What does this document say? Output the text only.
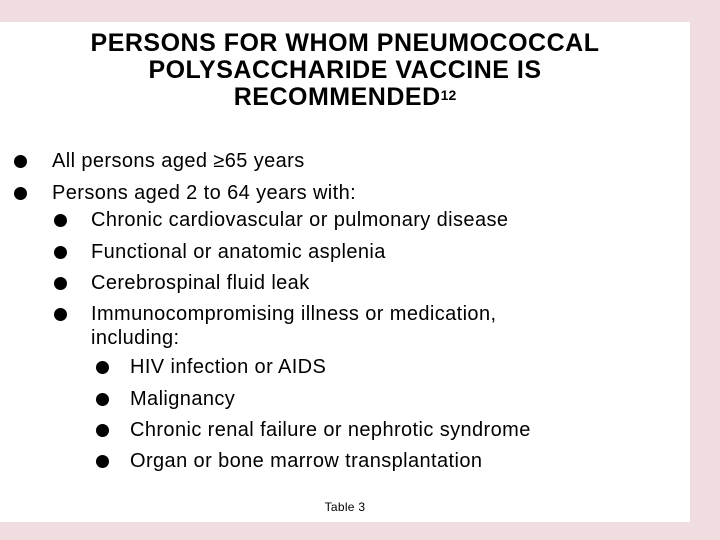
PERSONS FOR WHOM PNEUMOCOCCAL
POLYSACCHARIDE VACCINE IS
RECOMMENDED$^{12}$
All persons aged ≥65 years
Persons aged 2 to 64 years with:
Chronic cardiovascular or pulmonary disease
Functional or anatomic asplenia
Cerebrospinal fluid leak
Immunocompromising illness or medication,
including:
HIV infection or AIDS
Malignancy
Chronic renal failure or nephrotic syndrome
Organ or bone marrow transplantation
Table 3
